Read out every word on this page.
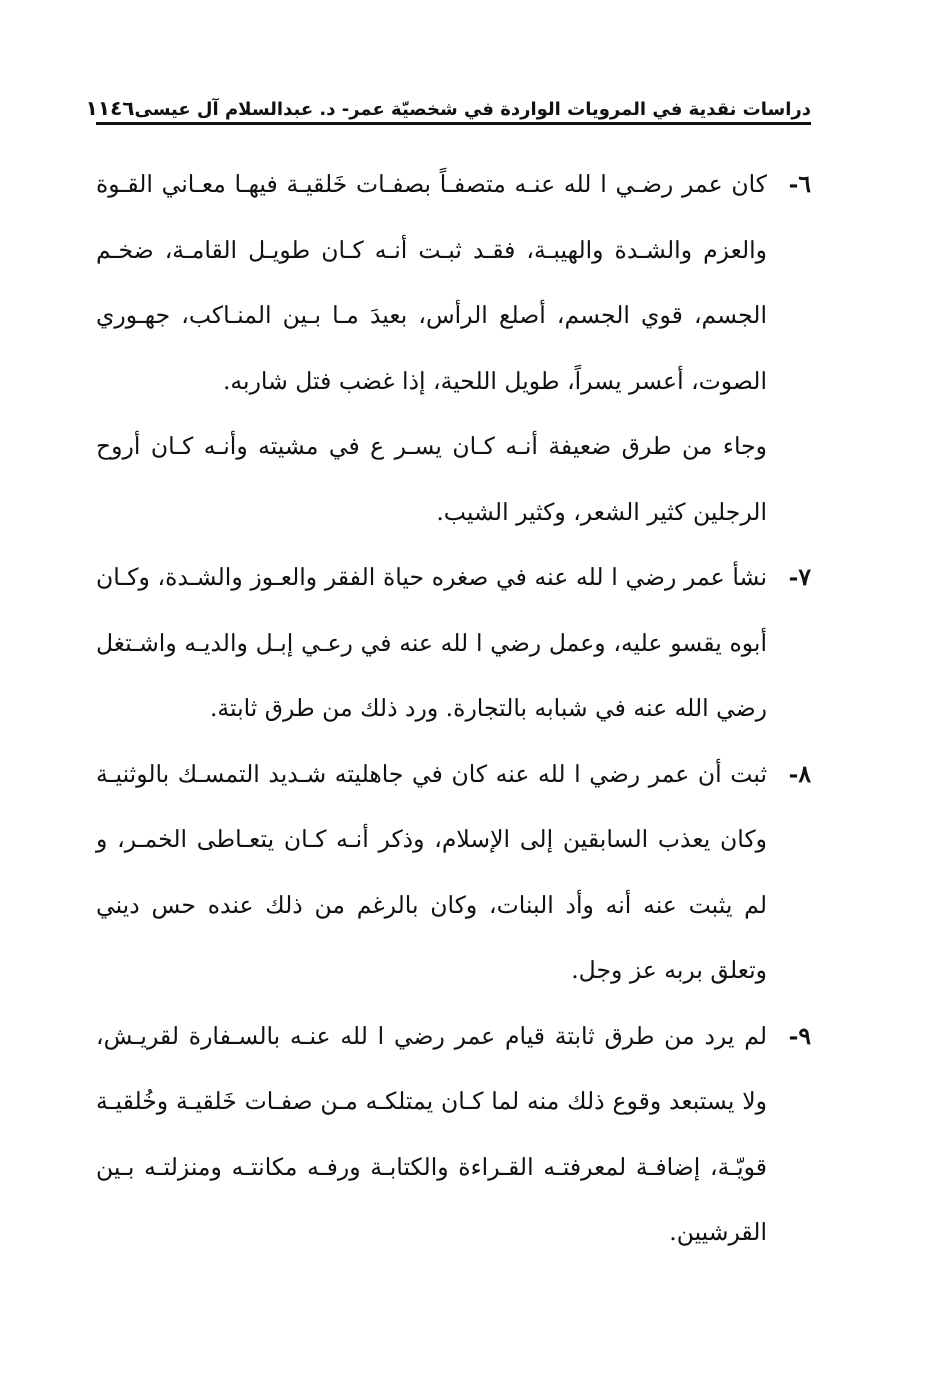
دراسات نقدية في المرويات الواردة في شخصيّة عمر- د. عبدالسلام آل عيسى
١١٤٦
٦-

كان عمر رضـي ا لله عنـه متصفـاً بصفـات خَلقيـة فيهـا معـاني القـوة والعزم والشـدة والهيبـة، فقـد ثبـت أنـه كـان طويـل القامـة، ضخـم الجسم، قوي الجسم، أصلع الرأس، بعيدَ مـا بـين المنـاكب، جهـوري الصوت، أعسر يسراً، طويل اللحية، إذا غضب فتل شاربه.

وجاء من طرق ضعيفة أنـه كـان يسـر ع في مشيته وأنـه كـان أروح الرجلين كثير الشعر، وكثير الشيب.

٧-

نشأ عمر رضي ا لله عنه في صغره حياة الفقر والعـوز والشـدة، وكـان أبوه يقسو عليه، وعمل رضي ا لله عنه في رعـي إبـل والديـه واشـتغل رضي الله عنه في شبابه بالتجارة. ورد ذلك من طرق ثابتة.

٨-

ثبت أن عمر رضي ا لله عنه كان في جاهليته شـديد التمسـك بالوثنيـة وكان يعذب السابقين إلى الإسلام، وذكر أنـه كـان يتعـاطى الخمـر، و لم يثبت عنه أنه وأد البنات، وكان بالرغم من ذلك عنده حس ديني وتعلق بربه عز وجل.

٩-

لم يرد من طرق ثابتة قيام عمر رضي ا لله عنـه بالسـفارة لقريـش، ولا يستبعد وقوع ذلك منه لما كـان يمتلكـه مـن صفـات خَلقيـة وخُلقيـة قويّـة، إضافـة لمعرفتـه القـراءة والكتابـة ورفـه مكانتـه ومنزلتـه بـين القرشيين.
